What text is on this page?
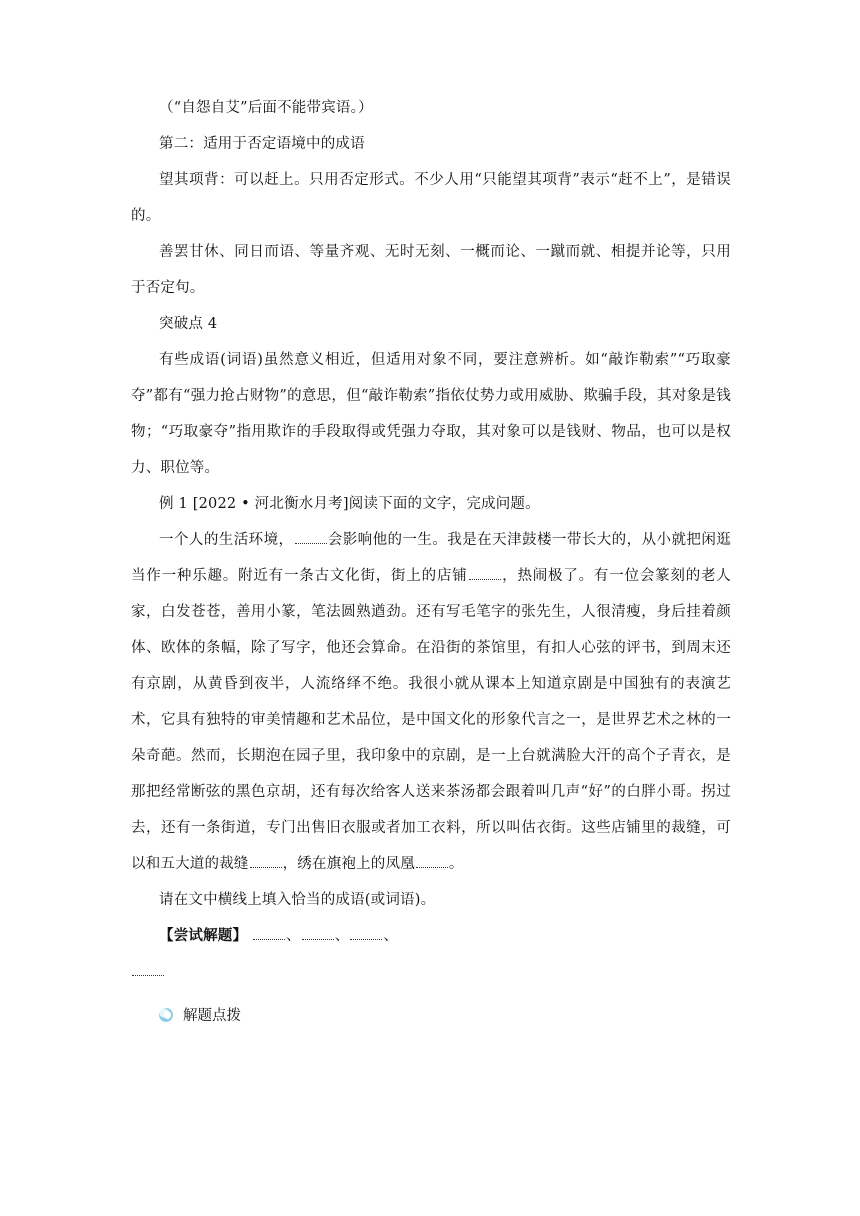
（“自怨自艾”后面不能带宾语。）

第二：适用于否定语境中的成语

望其项背：可以赶上。只用否定形式。不少人用“只能望其项背”表示“赶不上”，是错误的。

善罢甘休、同日而语、等量齐观、无时无刻、一概而论、一蹴而就、相提并论等，只用于否定句。

突破点 4

有些成语(词语)虽然意义相近，但适用对象不同，要注意辨析。如“敲诈勒索”“巧取豪夺”都有“强力抢占财物”的意思，但“敲诈勒索”指依仗势力或用威胁、欺骗手段，其对象是钱物；“巧取豪夺”指用欺诈的手段取得或凭强力夺取，其对象可以是钱财、物品，也可以是权力、职位等。

例 1 [2022 • 河北衡水月考]阅读下面的文字，完成问题。

一个人的生活环境， 会影响他的一生。我是在天津鼓楼一带长大的，从小就把闲逛当作一种乐趣。附近有一条古文化街，街上的店铺 ，热闹极了。有一位会篆刻的老人家，白发苍苍，善用小篆，笔法圆熟遒劲。还有写毛笔字的张先生，人很清瘦，身后挂着颜体、欧体的条幅，除了写字，他还会算命。在沿街的茶馆里，有扣人心弦的评书，到周末还有京剧，从黄昏到夜半，人流络绎不绝。我很小就从课本上知道京剧是中国独有的表演艺术，它具有独特的审美情趣和艺术品位，是中国文化的形象代言之一，是世界艺术之林的一朵奇葩。然而，长期泡在园子里，我印象中的京剧，是一上台就满脸大汗的高个子青衣，是那把经常断弦的黑色京胡，还有每次给客人送来茶汤都会跟着叫几声“好”的白胖小哥。拐过去，还有一条街道，专门出售旧衣服或者加工衣料，所以叫估衣街。这些店铺里的裁缝，可以和五大道的裁缝 ，绣在旗袍上的凤凰 。

请在文中横线上填入恰当的成语(或词语)。

【尝试解题】	、 、 、

解题点拨
